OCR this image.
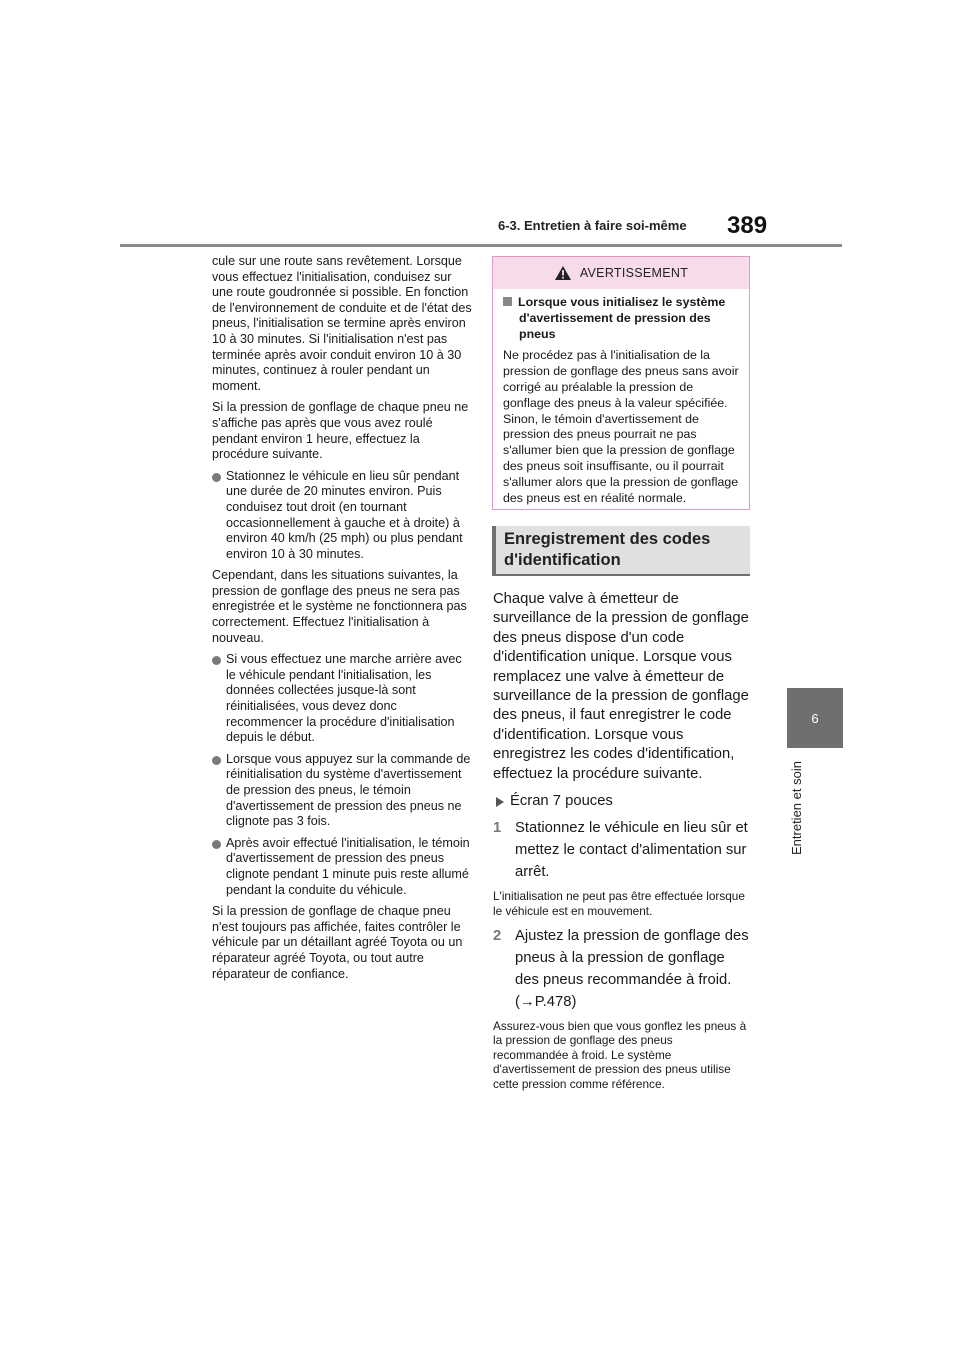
6-3. Entretien à faire soi-même	389
6
Entretien et soin

cule sur une route sans revêtement. Lorsque vous effectuez l'initialisation, conduisez sur une route goudronnée si possible. En fonction de l'environnement de conduite et de l'état des pneus, l'initialisation se termine après environ 10 à 30 minutes. Si l'initialisation n'est pas terminée après avoir conduit environ 10 à 30 minutes, continuez à rouler pendant un moment.

Si la pression de gonflage de chaque pneu ne s'affiche pas après que vous avez roulé pendant environ 1 heure, effectuez la procédure suivante.

Stationnez le véhicule en lieu sûr pendant une durée de 20 minutes environ. Puis conduisez tout droit (en tournant occasionnellement à gauche et à droite) à environ 40 km/h (25 mph) ou plus pendant environ 10 à 30 minutes.

Cependant, dans les situations suivantes, la pression de gonflage des pneus ne sera pas enregistrée et le système ne fonctionnera pas correctement. Effectuez l'initialisation à nouveau.

Si vous effectuez une marche arrière avec le véhicule pendant l'initialisation, les données collectées jusque-là sont réinitialisées, vous devez donc recommencer la procédure d'initialisation depuis le début.
Lorsque vous appuyez sur la commande de réinitialisation du système d'avertissement de pression des pneus, le témoin d'avertissement de pression des pneus ne clignote pas 3 fois.
Après avoir effectué l'initialisation, le témoin d'avertissement de pression des pneus clignote pendant 1 minute puis reste allumé pendant la conduite du véhicule.

Si la pression de gonflage de chaque pneu n'est toujours pas affichée, faites contrôler le véhicule par un détaillant agréé Toyota ou un réparateur agréé Toyota, ou tout autre réparateur de confiance.

AVERTISSEMENT
Lorsque vous initialisez le système d'avertissement de pression des pneus
Ne procédez pas à l'initialisation de la pression de gonflage des pneus sans avoir corrigé au préalable la pression de gonflage des pneus à la valeur spécifiée. Sinon, le témoin d'avertissement de pression des pneus pourrait ne pas s'allumer bien que la pression de gonflage des pneus soit insuffisante, ou il pourrait s'allumer alors que la pression de gonflage des pneus est en réalité normale.
Enregistrement des codes d'identification

Chaque valve à émetteur de surveillance de la pression de gonflage des pneus dispose d'un code d'identification unique. Lorsque vous remplacez une valve à émetteur de surveillance de la pression de gonflage des pneus, il faut enregistrer le code d'identification. Lorsque vous enregistrez les codes d'identification, effectuez la procédure suivante.

Écran 7 pouces
1 Stationnez le véhicule en lieu sûr et mettez le contact d'alimentation sur arrêt.

L'initialisation ne peut pas être effectuée lorsque le véhicule est en mouvement.

2 Ajustez la pression de gonflage des pneus à la pression de gonflage des pneus recommandée à froid.
(→P.478)

Assurez-vous bien que vous gonflez les pneus à la pression de gonflage des pneus recommandée à froid. Le système d'avertissement de pression des pneus utilise cette pression comme référence.
